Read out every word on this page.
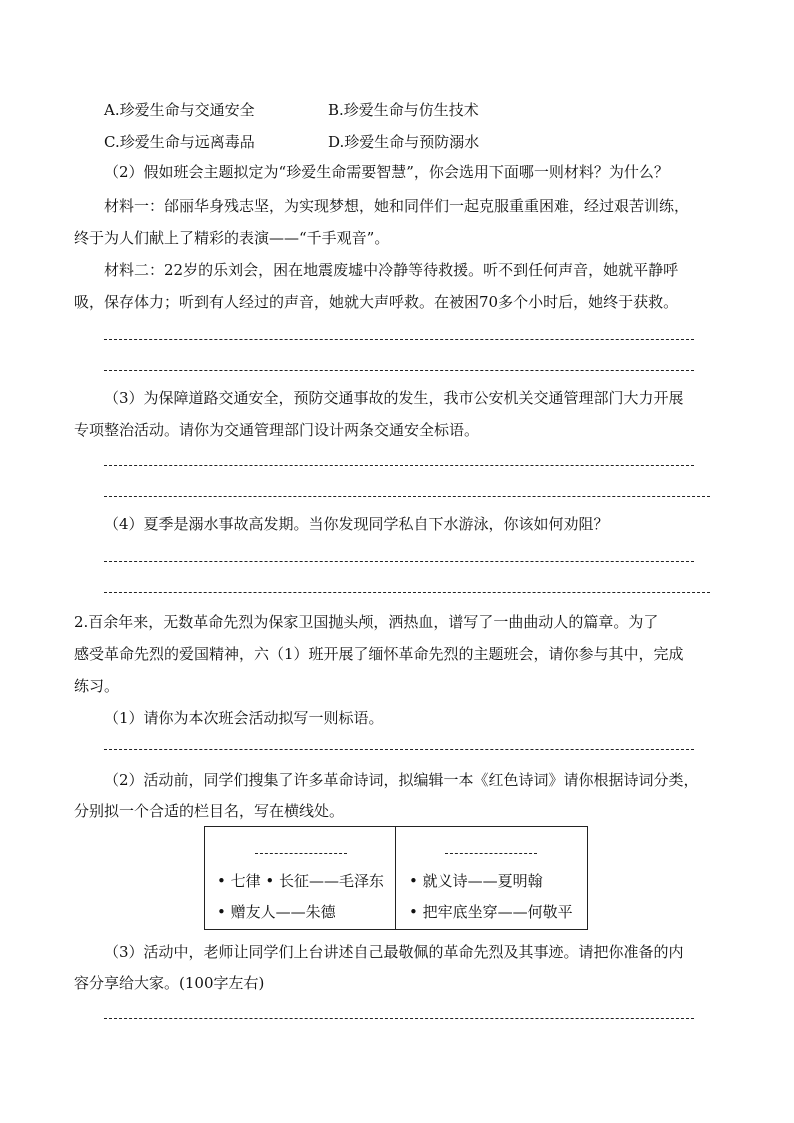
A.珍爱生命与交通安全	B.珍爱生命与仿生技术
C.珍爱生命与远离毒品	D.珍爱生命与预防溺水
（2）假如班会主题拟定为“珍爱生命需要智慧”，你会选用下面哪一则材料？为什么？
材料一：邰丽华身残志坚，为实现梦想，她和同伴们一起克服重重困难，经过艰苦训练，
终于为人们献上了精彩的表演——“千手观音”。
材料二：22岁的乐刘会，困在地震废墟中冷静等待救援。听不到任何声音，她就平静呼
吸，保存体力；听到有人经过的声音，她就大声呼救。在被困70多个小时后，她终于获救。
（3）为保障道路交通安全，预防交通事故的发生，我市公安机关交通管理部门大力开展
专项整治活动。请你为交通管理部门设计两条交通安全标语。
（4）夏季是溺水事故高发期。当你发现同学私自下水游泳，你该如何劝阻？
2.百余年来，无数革命先烈为保家卫国抛头颅，洒热血，谱写了一曲曲动人的篇章。为了
感受革命先烈的爱国精神，六（1）班开展了缅怀革命先烈的主题班会，请你参与其中，完成
练习。
（1）请你为本次班会活动拟写一则标语。
（2）活动前，同学们搜集了许多革命诗词，拟编辑一本《红色诗词》请你根据诗词分类，
分别拟一个合适的栏目名，写在横线处。
• 七律 • 长征——毛泽东
• 赠友人——朱德
• 就义诗——夏明翰
• 把牢底坐穿——何敬平
（3）活动中，老师让同学们上台讲述自己最敬佩的革命先烈及其事迹。请把你准备的内
容分享给大家。(100字左右)
